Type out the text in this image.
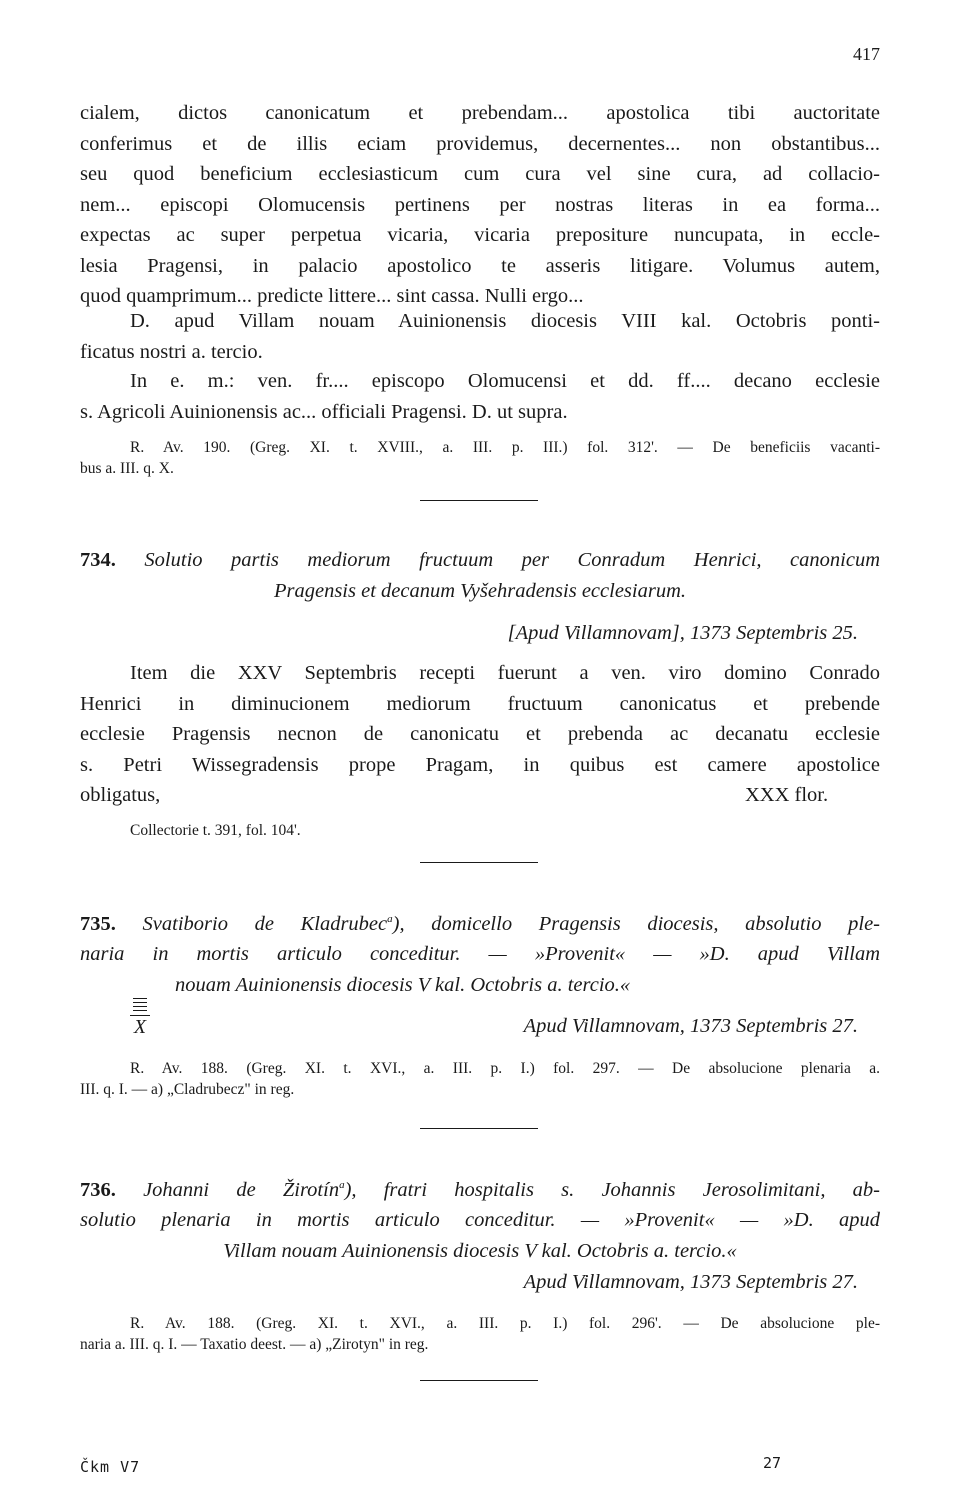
417
cialem, dictos canonicatum et prebendam... apostolica tibi auctoritate
conferimus et de illis eciam providemus, decernentes... non obstantibus...
seu quod beneficium ecclesiasticum cum cura vel sine cura, ad collacio-
nem... episcopi Olomucensis pertinens per nostras literas in ea forma...
expectas ac super perpetua vicaria, vicaria prepositure nuncupata, in eccle-
lesia Pragensi, in palacio apostolico te asseris litigare. Volumus autem,
quod quamprimum... predicte littere... sint cassa. Nulli ergo...
D. apud Villam nouam Auinionensis diocesis VIII kal. Octobris ponti-
ficatus nostri a. tercio.
In e. m.: ven. fr.... episcopo Olomucensi et dd. ff.... decano ecclesie
s. Agricoli Auinionensis ac... officiali Pragensi. D. ut supra.
R. Av. 190. (Greg. XI. t. XVIII., a. III. p. III.) fol. 312'. — De beneficiis vacanti-
bus a. III. q. X.
734. Solutio partis mediorum fructuum per Conradum Henrici, canonicum
Pragensis et decanum Vyšehradensis ecclesiarum.
[Apud Villamnovam], 1373 Septembris 25.
Item die XXV Septembris recepti fuerunt a ven. viro domino Conrado
Henrici in diminucionem mediorum fructuum canonicatus et prebende
ecclesie Pragensis necnon de canonicatu et prebenda ac decanatu ecclesie
s. Petri Wissegradensis prope Pragam, in quibus est camere apostolice
obligatus,	XXX flor.
Collectorie t. 391, fol. 104'.
735. Svatiborio de Kladrubec$^a$), domicello Pragensis diocesis, absolutio ple-
naria in mortis articulo conceditur. — »Provenit« — »D. apud Villam
nouam Auinionensis diocesis V kal. Octobris a. tercio.«
X	Apud Villamnovam, 1373 Septembris 27.
R. Av. 188. (Greg. XI. t. XVI., a. III. p. I.) fol. 297. — De absolucione plenaria a.
III. q. I. — a) „Cladrubecz" in reg.
736. Johanni de Žirotín$^a$), fratri hospitalis s. Johannis Jerosolimitani, ab-
solutio plenaria in mortis articulo conceditur. — »Provenit« — »D. apud
Villam nouam Auinionensis diocesis V kal. Octobris a. tercio.«
Apud Villamnovam, 1373 Septembris 27.
R. Av. 188. (Greg. XI. t. XVI., a. III. p. I.) fol. 296'. — De absolucione ple-
naria a. III. q. I. — Taxatio deest. — a) „Zirotyn" in reg.
Čkm V7	27
